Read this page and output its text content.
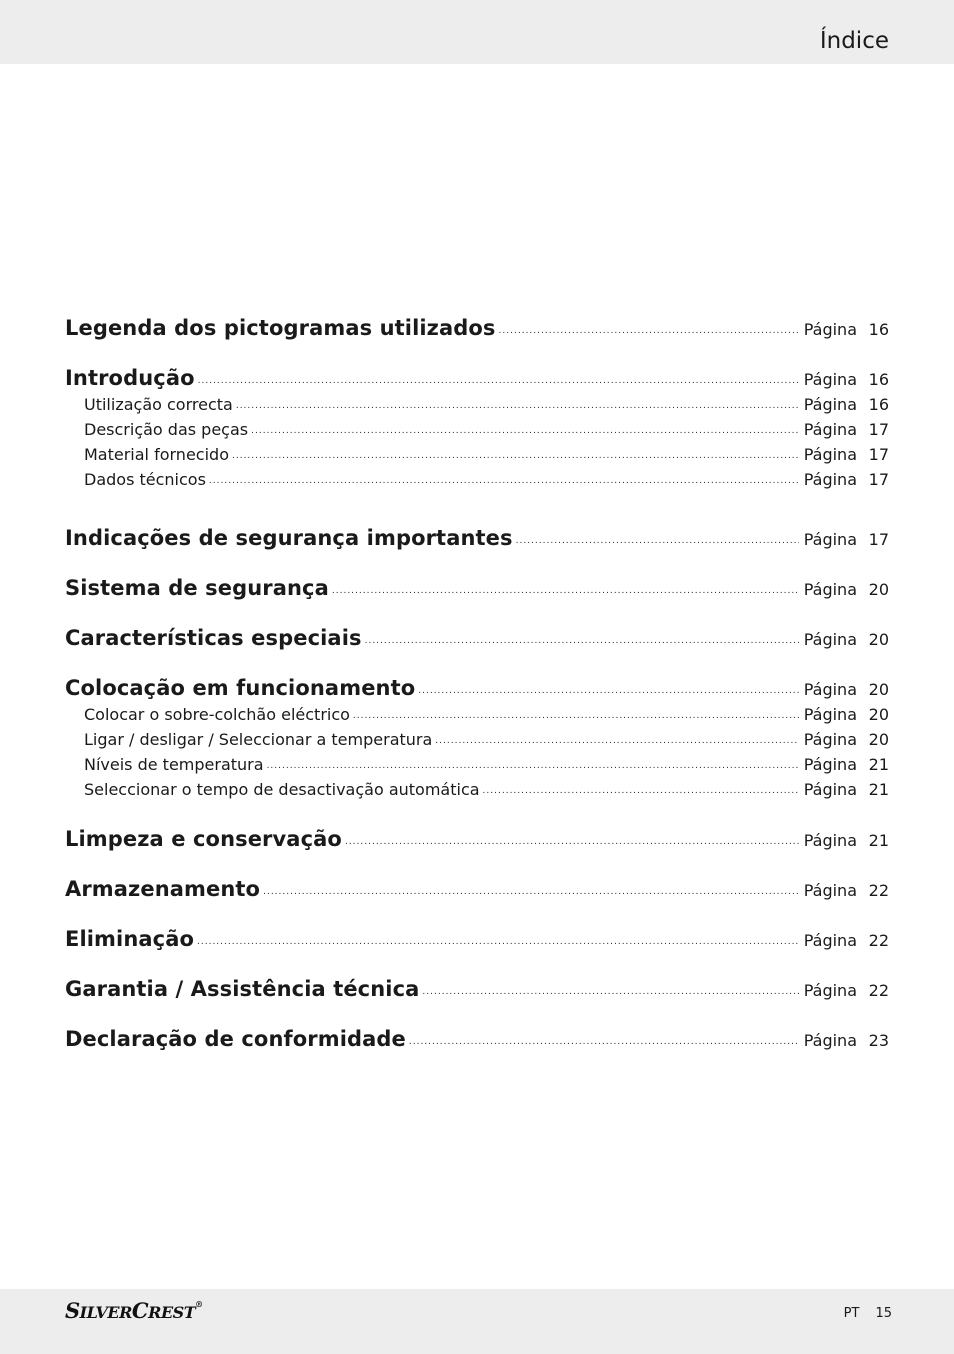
Índice
Legenda dos pictogramas utilizados .....	Página 16
Introdução .....	Página 16
Utilização correcta .....	Página 16
Descrição das peças .....	Página 17
Material fornecido .....	Página 17
Dados técnicos .....	Página 17
Indicações de segurança importantes .....	Página 17
Sistema de segurança .....	Página 20
Características especiais .....	Página 20
Colocação em funcionamento .....	Página 20
Colocar o sobre-colchão eléctrico .....	Página 20
Ligar / desligar / Seleccionar a temperatura .....	Página 20
Níveis de temperatura .....	Página 21
Seleccionar o tempo de desactivação automática .....	Página 21
Limpeza e conservação .....	Página 21
Armazenamento .....	Página 22
Eliminação .....	Página 22
Garantia / Assistência técnica .....	Página 22
Declaração de conformidade .....	Página 23
SILVERCREST®
PT 15
